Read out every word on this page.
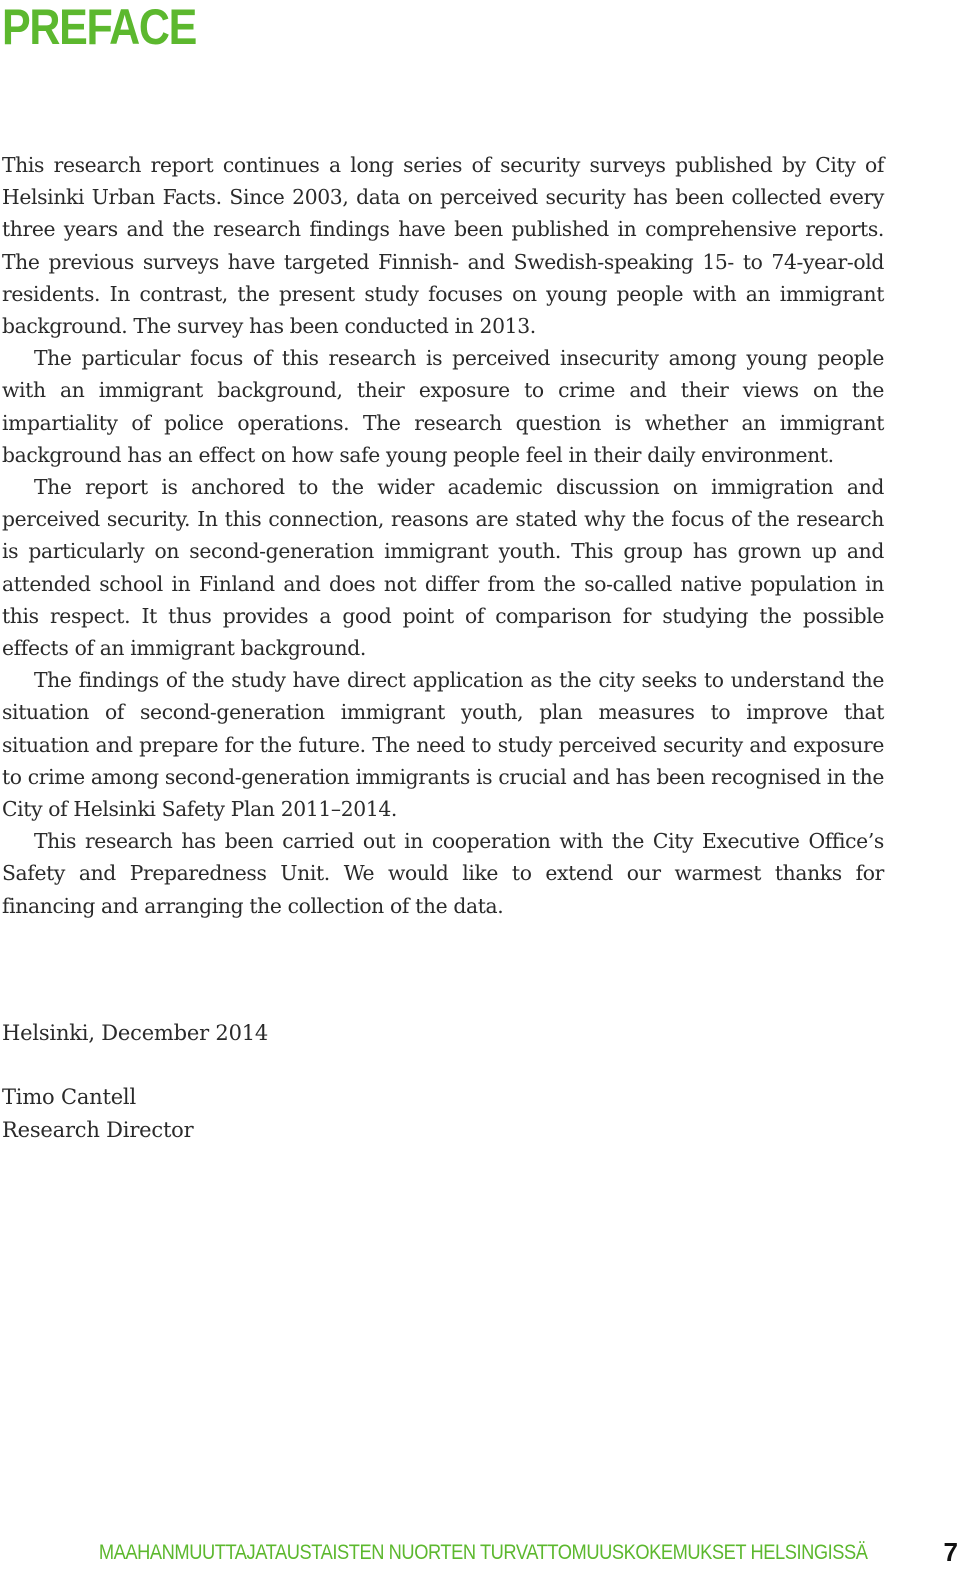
PREFACE

This research report continues a long series of security surveys published by City of Helsinki Urban Facts. Since 2003, data on perceived security has been collected every three years and the research findings have been published in comprehensive reports. The previous surveys have targeted Finnish- and Swedish-speaking 15- to 74-year-old residents. In contrast, the present study focuses on young people with an immigrant background. The survey has been conducted in 2013.

The particular focus of this research is perceived insecurity among young people with an immigrant background, their exposure to crime and their views on the impartiality of police operations. The research question is whether an immigrant background has an effect on how safe young people feel in their daily environment.

The report is anchored to the wider academic discussion on immigration and perceived security. In this connection, reasons are stated why the focus of the research is particularly on second-generation immigrant youth. This group has grown up and attended school in Finland and does not differ from the so-called native population in this respect. It thus provides a good point of comparison for studying the possible effects of an immigrant background.

The findings of the study have direct application as the city seeks to understand the situation of second-generation immigrant youth, plan measures to improve that situation and prepare for the future. The need to study perceived security and exposure to crime among second-generation immigrants is crucial and has been recognised in the City of Helsinki Safety Plan 2011–2014.

This research has been carried out in cooperation with the City Executive Office’s Safety and Preparedness Unit. We would like to extend our warmest thanks for financing and arranging the collection of the data.

Helsinki, December 2014
Timo Cantell
Research Director
MAAHANMUUTTAJATAUSTAISTEN NUORTEN TURVATTOMUUSKOKEMUKSET HELSINGISSÄ	7
